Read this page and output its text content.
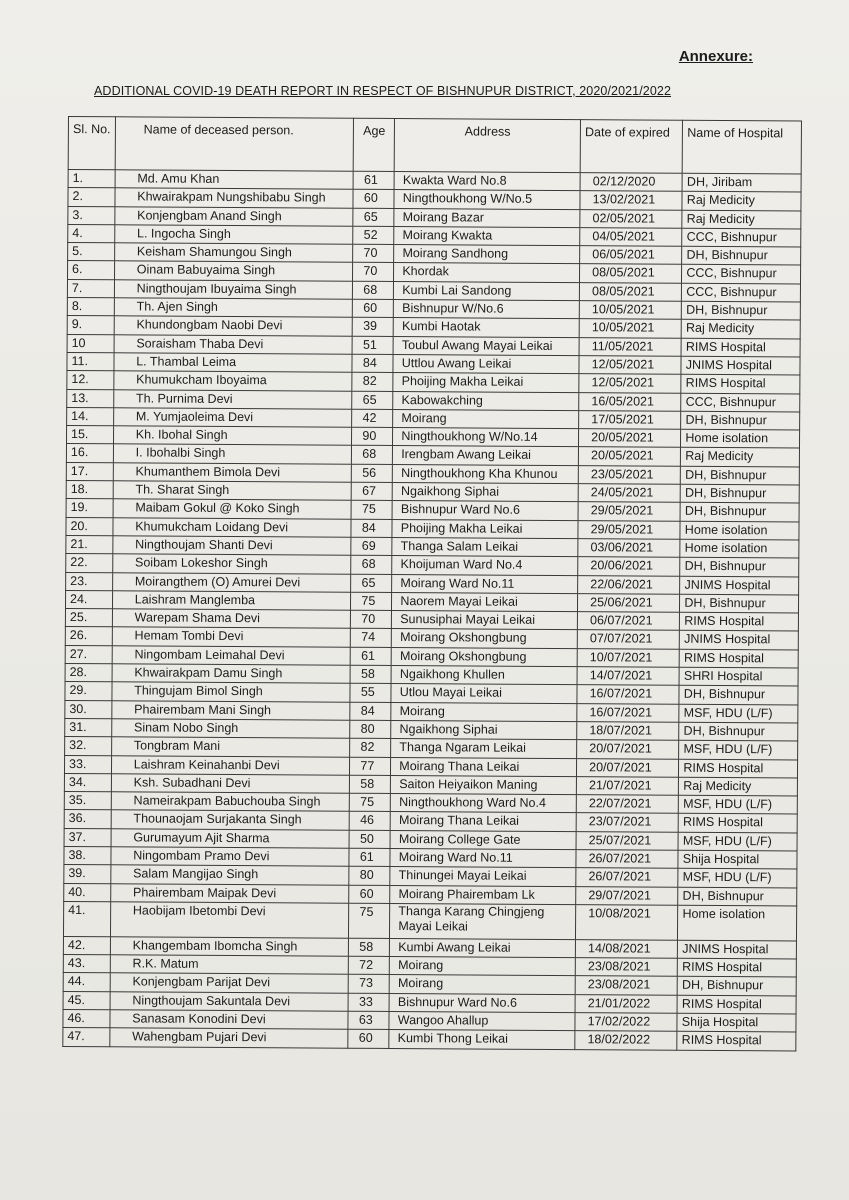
Annexure:
ADDITIONAL COVID-19 DEATH REPORT IN RESPECT OF BISHNUPUR DISTRICT, 2020/2021/2022
Sl. No.	Name of deceased person.	Age	Address	Date of expired	Name of Hospital
1.	Md. Amu Khan	61	Kwakta Ward No.8	02/12/2020	DH, Jiribam
2.	Khwairakpam Nungshibabu Singh	60	Ningthoukhong W/No.5	13/02/2021	Raj Medicity
3.	Konjengbam Anand Singh	65	Moirang Bazar	02/05/2021	Raj Medicity
4.	L. Ingocha Singh	52	Moirang Kwakta	04/05/2021	CCC, Bishnupur
5.	Keisham Shamungou Singh	70	Moirang Sandhong	06/05/2021	DH, Bishnupur
6.	Oinam Babuyaima Singh	70	Khordak	08/05/2021	CCC, Bishnupur
7.	Ningthoujam Ibuyaima Singh	68	Kumbi Lai Sandong	08/05/2021	CCC, Bishnupur
8.	Th. Ajen Singh	60	Bishnupur W/No.6	10/05/2021	DH, Bishnupur
9.	Khundongbam Naobi Devi	39	Kumbi Haotak	10/05/2021	Raj Medicity
10	Soraisham Thaba Devi	51	Toubul Awang Mayai Leikai	11/05/2021	RIMS Hospital
11.	L. Thambal Leima	84	Uttlou Awang Leikai	12/05/2021	JNIMS Hospital
12.	Khumukcham Iboyaima	82	Phoijing Makha Leikai	12/05/2021	RIMS Hospital
13.	Th. Purnima Devi	65	Kabowakching	16/05/2021	CCC, Bishnupur
14.	M. Yumjaoleima Devi	42	Moirang	17/05/2021	DH, Bishnupur
15.	Kh. Ibohal Singh	90	Ningthoukhong W/No.14	20/05/2021	Home isolation
16.	I. Ibohalbi Singh	68	Irengbam Awang Leikai	20/05/2021	Raj Medicity
17.	Khumanthem Bimola Devi	56	Ningthoukhong Kha Khunou	23/05/2021	DH, Bishnupur
18.	Th. Sharat Singh	67	Ngaikhong Siphai	24/05/2021	DH, Bishnupur
19.	Maibam Gokul @ Koko Singh	75	Bishnupur Ward No.6	29/05/2021	DH, Bishnupur
20.	Khumukcham Loidang Devi	84	Phoijing Makha Leikai	29/05/2021	Home isolation
21.	Ningthoujam Shanti Devi	69	Thanga Salam Leikai	03/06/2021	Home isolation
22.	Soibam Lokeshor Singh	68	Khoijuman Ward No.4	20/06/2021	DH, Bishnupur
23.	Moirangthem (O) Amurei Devi	65	Moirang Ward No.11	22/06/2021	JNIMS Hospital
24.	Laishram Manglemba	75	Naorem Mayai Leikai	25/06/2021	DH, Bishnupur
25.	Warepam Shama Devi	70	Sunusiphai Mayai Leikai	06/07/2021	RIMS Hospital
26.	Hemam Tombi Devi	74	Moirang Okshongbung	07/07/2021	JNIMS Hospital
27.	Ningombam Leimahal Devi	61	Moirang Okshongbung	10/07/2021	RIMS Hospital
28.	Khwairakpam Damu Singh	58	Ngaikhong Khullen	14/07/2021	SHRI Hospital
29.	Thingujam Bimol Singh	55	Utlou Mayai Leikai	16/07/2021	DH, Bishnupur
30.	Phairembam Mani Singh	84	Moirang	16/07/2021	MSF, HDU (L/F)
31.	Sinam Nobo Singh	80	Ngaikhong Siphai	18/07/2021	DH, Bishnupur
32.	Tongbram Mani	82	Thanga Ngaram Leikai	20/07/2021	MSF, HDU (L/F)
33.	Laishram Keinahanbi Devi	77	Moirang Thana Leikai	20/07/2021	RIMS Hospital
34.	Ksh. Subadhani Devi	58	Saiton Heiyaikon Maning	21/07/2021	Raj Medicity
35.	Nameirakpam Babuchouba Singh	75	Ningthoukhong Ward No.4	22/07/2021	MSF, HDU (L/F)
36.	Thounaojam Surjakanta Singh	46	Moirang Thana Leikai	23/07/2021	RIMS Hospital
37.	Gurumayum Ajit Sharma	50	Moirang College Gate	25/07/2021	MSF, HDU (L/F)
38.	Ningombam Pramo Devi	61	Moirang Ward No.11	26/07/2021	Shija Hospital
39.	Salam Mangijao Singh	80	Thinungei Mayai Leikai	26/07/2021	MSF, HDU (L/F)
40.	Phairembam Maipak Devi	60	Moirang Phairembam Lk	29/07/2021	DH, Bishnupur
41.	Haobijam Ibetombi Devi	75	Thanga Karang Chingjeng Mayai Leikai	10/08/2021	Home isolation
42.	Khangembam Ibomcha Singh	58	Kumbi Awang Leikai	14/08/2021	JNIMS Hospital
43.	R.K. Matum	72	Moirang	23/08/2021	RIMS Hospital
44.	Konjengbam Parijat Devi	73	Moirang	23/08/2021	DH, Bishnupur
45.	Ningthoujam Sakuntala Devi	33	Bishnupur Ward No.6	21/01/2022	RIMS Hospital
46.	Sanasam Konodini Devi	63	Wangoo Ahallup	17/02/2022	Shija Hospital
47.	Wahengbam Pujari Devi	60	Kumbi Thong Leikai	18/02/2022	RIMS Hospital
